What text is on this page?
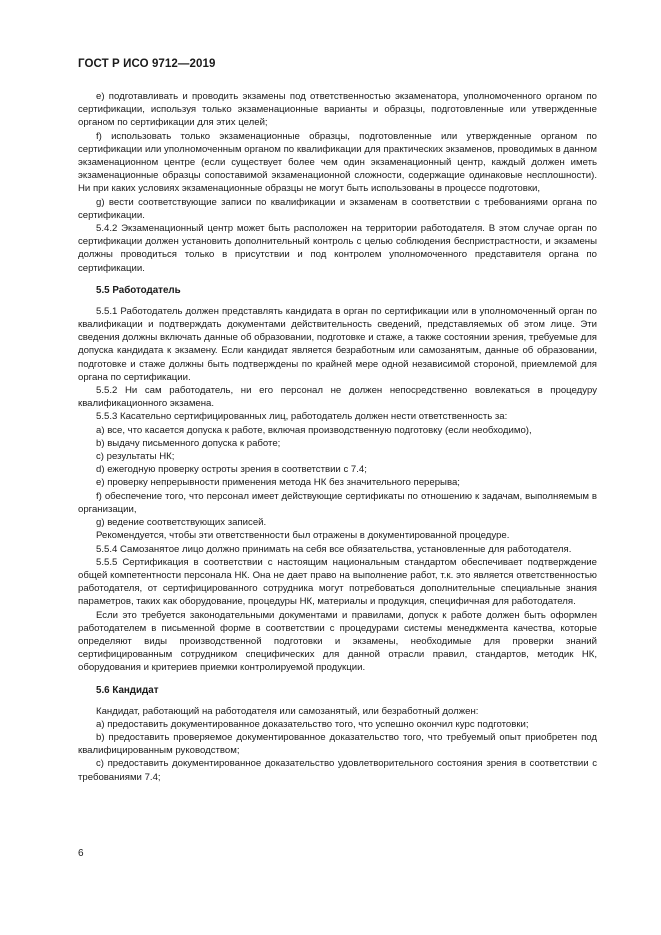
ГОСТ Р ИСО 9712—2019

e) подготавливать и проводить экзамены под ответственностью экзаменатора, уполномоченного органом по сертификации, используя только экзаменационные варианты и образцы, подготовленные или утвержденные органом по сертификации для этих целей;

f) использовать только экзаменационные образцы, подготовленные или утвержденные органом по сертификации или уполномоченным органом по квалификации для практических экзаменов, проводимых в данном экзаменационном центре (если существует более чем один экзаменационный центр, каждый должен иметь экзаменационные образцы сопоставимой экзаменационной сложности, содержащие одинаковые несплошности). Ни при каких условиях экзаменационные образцы не могут быть использованы в процессе подготовки,

g) вести соответствующие записи по квалификации и экзаменам в соответствии с требованиями органа по сертификации.

5.4.2 Экзаменационный центр может быть расположен на территории работодателя. В этом случае орган по сертификации должен установить дополнительный контроль с целью соблюдения беспристрастности, и экзамены должны проводиться только в присутствии и под контролем уполномоченного представителя органа по сертификации.

5.5 Работодатель

5.5.1 Работодатель должен представлять кандидата в орган по сертификации или в уполномоченный орган по квалификации и подтверждать документами действительность сведений, представляемых об этом лице. Эти сведения должны включать данные об образовании, подготовке и стаже, а также состоянии зрения, требуемые для допуска кандидата к экзамену. Если кандидат является безработным или самозанятым, данные об образовании, подготовке и стаже должны быть подтверждены по крайней мере одной независимой стороной, приемлемой для органа по сертификации.

5.5.2 Ни сам работодатель, ни его персонал не должен непосредственно вовлекаться в процедуру квалификационного экзамена.

5.5.3 Касательно сертифицированных лиц, работодатель должен нести ответственность за:

a) все, что касается допуска к работе, включая производственную подготовку (если необходимо),

b) выдачу письменного допуска к работе;

c) результаты НК;

d) ежегодную проверку остроты зрения в соответствии с 7.4;

e) проверку непрерывности применения метода НК без значительного перерыва;

f) обеспечение того, что персонал имеет действующие сертификаты по отношению к задачам, выполняемым в организации,

g) ведение соответствующих записей.

Рекомендуется, чтобы эти ответственности был отражены в документированной процедуре.

5.5.4 Самозанятое лицо должно принимать на себя все обязательства, установленные для работодателя.

5.5.5 Сертификация в соответствии с настоящим национальным стандартом обеспечивает подтверждение общей компетентности персонала НК. Она не дает право на выполнение работ, т.к. это является ответственностью работодателя, от сертифицированного сотрудника могут потребоваться дополнительные специальные знания параметров, таких как оборудование, процедуры НК, материалы и продукция, специфичная для работодателя.

Если это требуется законодательными документами и правилами, допуск к работе должен быть оформлен работодателем в письменной форме в соответствии с процедурами системы менеджмента качества, которые определяют виды производственной подготовки и экзамены, необходимые для проверки знаний сертифицированным сотрудником специфических для данной отрасли правил, стандартов, методик НК, оборудования и критериев приемки контролируемой продукции.

5.6 Кандидат

Кандидат, работающий на работодателя или самозанятый, или безработный должен:

a) предоставить документированное доказательство того, что успешно окончил курс подготовки;

b) предоставить проверяемое документированное доказательство того, что требуемый опыт приобретен под квалифицированным руководством;

c) предоставить документированное доказательство удовлетворительного состояния зрения в соответствии с требованиями 7.4;

6
